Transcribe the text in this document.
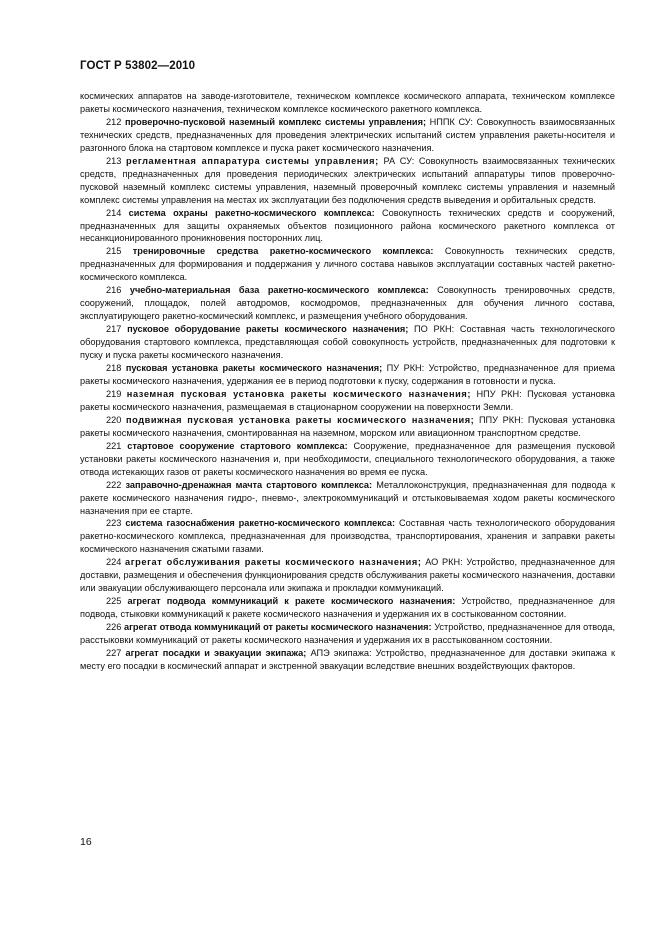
ГОСТ Р 53802—2010

космических аппаратов на заводе-изготовителе, техническом комплексе космического аппарата, техническом комплексе ракеты космического назначения, техническом комплексе космического ракетного комплекса.

212 проверочно-пусковой наземный комплекс системы управления; НППК СУ: Совокупность взаимосвязанных технических средств, предназначенных для проведения электрических испытаний систем управления ракеты-носителя и разгонного блока на стартовом комплексе и пуска ракет космического назначения.

213 регламентная аппаратура системы управления; РА СУ: Совокупность взаимосвязанных технических средств, предназначенных для проведения периодических электрических испытаний аппаратуры типов проверочно-пусковой наземный комплекс системы управления, наземный проверочный комплекс системы управления и наземный комплекс системы управления на местах их эксплуатации без подключения средств выведения и орбитальных средств.

214 система охраны ракетно-космического комплекса: Совокупность технических средств и сооружений, предназначенных для защиты охраняемых объектов позиционного района космического ракетного комплекса от несанкционированного проникновения посторонних лиц.

215 тренировочные средства ракетно-космического комплекса: Совокупность технических средств, предназначенных для формирования и поддержания у личного состава навыков эксплуатации составных частей ракетно-космического комплекса.

216 учебно-материальная база ракетно-космического комплекса: Совокупность тренировочных средств, сооружений, площадок, полей автодромов, космодромов, предназначенных для обучения личного состава, эксплуатирующего ракетно-космический комплекс, и размещения учебного оборудования.

217 пусковое оборудование ракеты космического назначения; ПО РКН: Составная часть технологического оборудования стартового комплекса, представляющая собой совокупность устройств, предназначенных для подготовки к пуску и пуска ракеты космического назначения.

218 пусковая установка ракеты космического назначения; ПУ РКН: Устройство, предназначенное для приема ракеты космического назначения, удержания ее в период подготовки к пуску, содержания в готовности и пуска.

219 наземная пусковая установка ракеты космического назначения; НПУ РКН: Пусковая установка ракеты космического назначения, размещаемая в стационарном сооружении на поверхности Земли.

220 подвижная пусковая установка ракеты космического назначения; ППУ РКН: Пусковая установка ракеты космического назначения, смонтированная на наземном, морском или авиационном транспортном средстве.

221 стартовое сооружение стартового комплекса: Сооружение, предназначенное для размещения пусковой установки ракеты космического назначения и, при необходимости, специального технологического оборудования, а также отвода истекающих газов от ракеты космического назначения во время ее пуска.

222 заправочно-дренажная мачта стартового комплекса: Металлоконструкция, предназначенная для подвода к ракете космического назначения гидро-, пневмо-, электрокоммуникаций и отстыковываемая ходом ракеты космического назначения при ее старте.

223 система газоснабжения ракетно-космического комплекса: Составная часть технологического оборудования ракетно-космического комплекса, предназначенная для производства, транспортирования, хранения и заправки ракеты космического назначения сжатыми газами.

224 агрегат обслуживания ракеты космического назначения; АО РКН: Устройство, предназначенное для доставки, размещения и обеспечения функционирования средств обслуживания ракеты космического назначения, доставки или эвакуации обслуживающего персонала или экипажа и прокладки коммуникаций.

225 агрегат подвода коммуникаций к ракете космического назначения: Устройство, предназначенное для подвода, стыковки коммуникаций к ракете космического назначения и удержания их в состыкованном состоянии.

226 агрегат отвода коммуникаций от ракеты космического назначения: Устройство, предназначенное для отвода, расстыковки коммуникаций от ракеты космического назначения и удержания их в расстыкованном состоянии.

227 агрегат посадки и эвакуации экипажа; АПЭ экипажа: Устройство, предназначенное для доставки экипажа к месту его посадки в космический аппарат и экстренной эвакуации вследствие внешних воздействующих факторов.

16
